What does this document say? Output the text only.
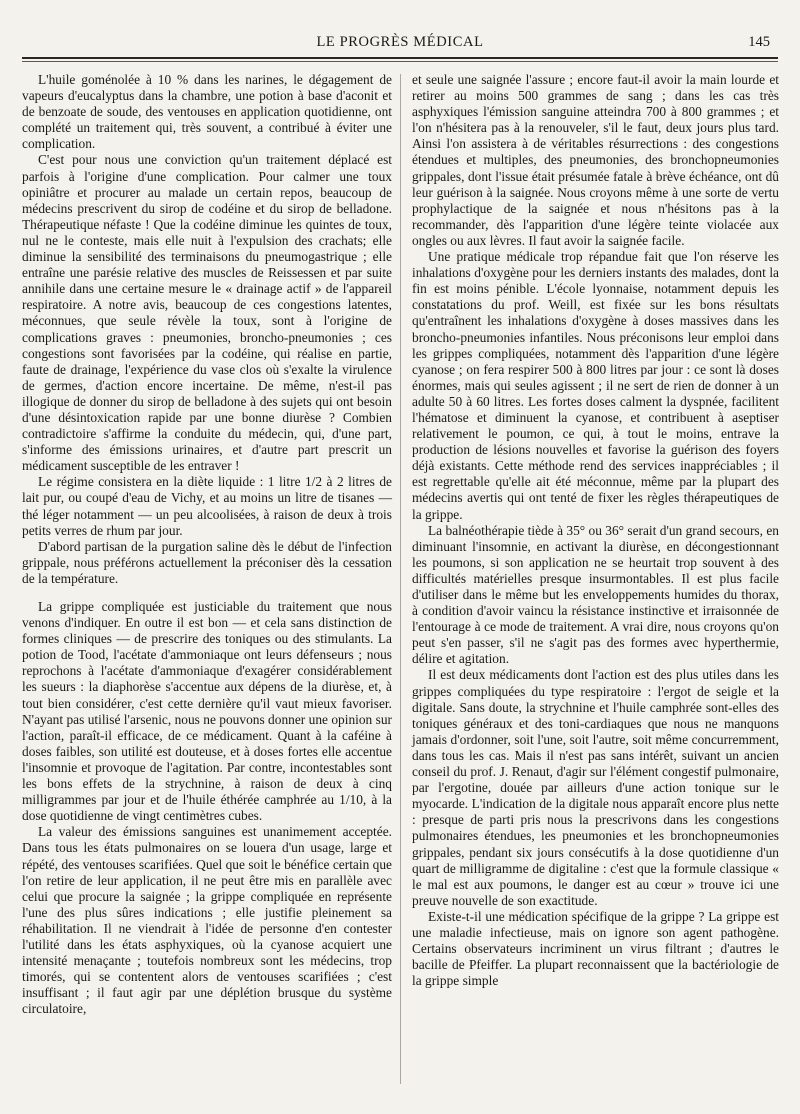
LE PROGRÈS MÉDICAL	145

L'huile goménolée à 10 % dans les narines, le dégagement de vapeurs d'eucalyptus dans la chambre, une potion à base d'aconit et de benzoate de soude, des ventouses en application quotidienne, ont complété un traitement qui, très souvent, a contribué à éviter une complication.

C'est pour nous une conviction qu'un traitement déplacé est parfois à l'origine d'une complication. Pour calmer une toux opiniâtre et procurer au malade un certain repos, beaucoup de médecins prescrivent du sirop de codéine et du sirop de belladone. Thérapeutique néfaste ! Que la codéine diminue les quintes de toux, nul ne le conteste, mais elle nuit à l'expulsion des crachats; elle diminue la sensibilité des terminaisons du pneumogastrique ; elle entraîne une parésie relative des muscles de Reissessen et par suite annihile dans une certaine mesure le « drainage actif » de l'appareil respiratoire. A notre avis, beaucoup de ces congestions latentes, méconnues, que seule révèle la toux, sont à l'origine de complications graves : pneumonies, broncho-pneumonies ; ces congestions sont favorisées par la codéine, qui réalise en partie, faute de drainage, l'expérience du vase clos où s'exalte la virulence de germes, d'action encore incertaine. De même, n'est-il pas illogique de donner du sirop de belladone à des sujets qui ont besoin d'une désintoxication rapide par une bonne diurèse ? Combien contradictoire s'affirme la conduite du médecin, qui, d'une part, s'informe des émissions urinaires, et d'autre part prescrit un médicament susceptible de les entraver !

Le régime consistera en la diète liquide : 1 litre 1/2 à 2 litres de lait pur, ou coupé d'eau de Vichy, et au moins un litre de tisanes — thé léger notamment — un peu alcoolisées, à raison de deux à trois petits verres de rhum par jour.

D'abord partisan de la purgation saline dès le début de l'infection grippale, nous préférons actuellement la préconiser dès la cessation de la température.

La grippe compliquée est justiciable du traitement que nous venons d'indiquer. En outre il est bon — et cela sans distinction de formes cliniques — de prescrire des toniques ou des stimulants. La potion de Tood, l'acétate d'ammoniaque ont leurs défenseurs ; nous reprochons à l'acétate d'ammoniaque d'exagérer considérablement les sueurs : la diaphorèse s'accentue aux dépens de la diurèse, et, à tout bien considérer, c'est cette dernière qu'il vaut mieux favoriser. N'ayant pas utilisé l'arsenic, nous ne pouvons donner une opinion sur l'action, paraît-il efficace, de ce médicament. Quant à la caféine à doses faibles, son utilité est douteuse, et à doses fortes elle accentue l'insomnie et provoque de l'agitation. Par contre, incontestables sont les bons effets de la strychnine, à raison de deux à cinq milligrammes par jour et de l'huile éthérée camphrée au 1/10, à la dose quotidienne de vingt centimètres cubes.

La valeur des émissions sanguines est unanimement acceptée. Dans tous les états pulmonaires on se louera d'un usage, large et répété, des ventouses scarifiées. Quel que soit le bénéfice certain que l'on retire de leur application, il ne peut être mis en parallèle avec celui que procure la saignée ; la grippe compliquée en représente l'une des plus sûres indications ; elle justifie pleinement sa réhabilitation. Il ne viendrait à l'idée de personne d'en contester l'utilité dans les états asphyxiques, où la cyanose acquiert une intensité menaçante ; toutefois nombreux sont les médecins, trop timorés, qui se contentent alors de ventouses scarifiées ; c'est insuffisant ; il faut agir par une déplétion brusque du système circulatoire,

et seule une saignée l'assure ; encore faut-il avoir la main lourde et retirer au moins 500 grammes de sang ; dans les cas très asphyxiques l'émission sanguine atteindra 700 à 800 grammes ; et l'on n'hésitera pas à la renouveler, s'il le faut, deux jours plus tard. Ainsi l'on assistera à de véritables résurrections : des congestions étendues et multiples, des pneumonies, des bronchopneumonies grippales, dont l'issue était présumée fatale à brève échéance, ont dû leur guérison à la saignée. Nous croyons même à une sorte de vertu prophylactique de la saignée et nous n'hésitons pas à la recommander, dès l'apparition d'une légère teinte violacée aux ongles ou aux lèvres. Il faut avoir la saignée facile.

Une pratique médicale trop répandue fait que l'on réserve les inhalations d'oxygène pour les derniers instants des malades, dont la fin est moins pénible. L'école lyonnaise, notamment depuis les constatations du prof. Weill, est fixée sur les bons résultats qu'entraînent les inhalations d'oxygène à doses massives dans les broncho-pneumonies infantiles. Nous préconisons leur emploi dans les grippes compliquées, notamment dès l'apparition d'une légère cyanose ; on fera respirer 500 à 800 litres par jour : ce sont là doses énormes, mais qui seules agissent ; il ne sert de rien de donner à un adulte 50 à 60 litres. Les fortes doses calment la dyspnée, facilitent l'hématose et diminuent la cyanose, et contribuent à aseptiser relativement le poumon, ce qui, à tout le moins, entrave la production de lésions nouvelles et favorise la guérison des foyers déjà existants. Cette méthode rend des services inappréciables ; il est regrettable qu'elle ait été méconnue, même par la plupart des médecins avertis qui ont tenté de fixer les règles thérapeutiques de la grippe.

La balnéothérapie tiède à 35° ou 36° serait d'un grand secours, en diminuant l'insomnie, en activant la diurèse, en décongestionnant les poumons, si son application ne se heurtait trop souvent à des difficultés matérielles presque insurmontables. Il est plus facile d'utiliser dans le même but les enveloppements humides du thorax, à condition d'avoir vaincu la résistance instinctive et irraisonnée de l'entourage à ce mode de traitement. A vrai dire, nous croyons qu'on peut s'en passer, s'il ne s'agit pas des formes avec hyperthermie, délire et agitation.

Il est deux médicaments dont l'action est des plus utiles dans les grippes compliquées du type respiratoire : l'ergot de seigle et la digitale. Sans doute, la strychnine et l'huile camphrée sont-elles des toniques généraux et des toni-cardiaques que nous ne manquons jamais d'ordonner, soit l'une, soit l'autre, soit même concurremment, dans tous les cas. Mais il n'est pas sans intérêt, suivant un ancien conseil du prof. J. Renaut, d'agir sur l'élément congestif pulmonaire, par l'ergotine, douée par ailleurs d'une action tonique sur le myocarde. L'indication de la digitale nous apparaît encore plus nette : presque de parti pris nous la prescrivons dans les congestions pulmonaires étendues, les pneumonies et les bronchopneumonies grippales, pendant six jours consécutifs à la dose quotidienne d'un quart de milligramme de digitaline : c'est que la formule classique « le mal est aux poumons, le danger est au cœur » trouve ici une preuve nouvelle de son exactitude.

Existe-t-il une médication spécifique de la grippe ? La grippe est une maladie infectieuse, mais on ignore son agent pathogène. Certains observateurs incriminent un virus filtrant ; d'autres le bacille de Pfeiffer. La plupart reconnaissent que la bactériologie de la grippe simple
